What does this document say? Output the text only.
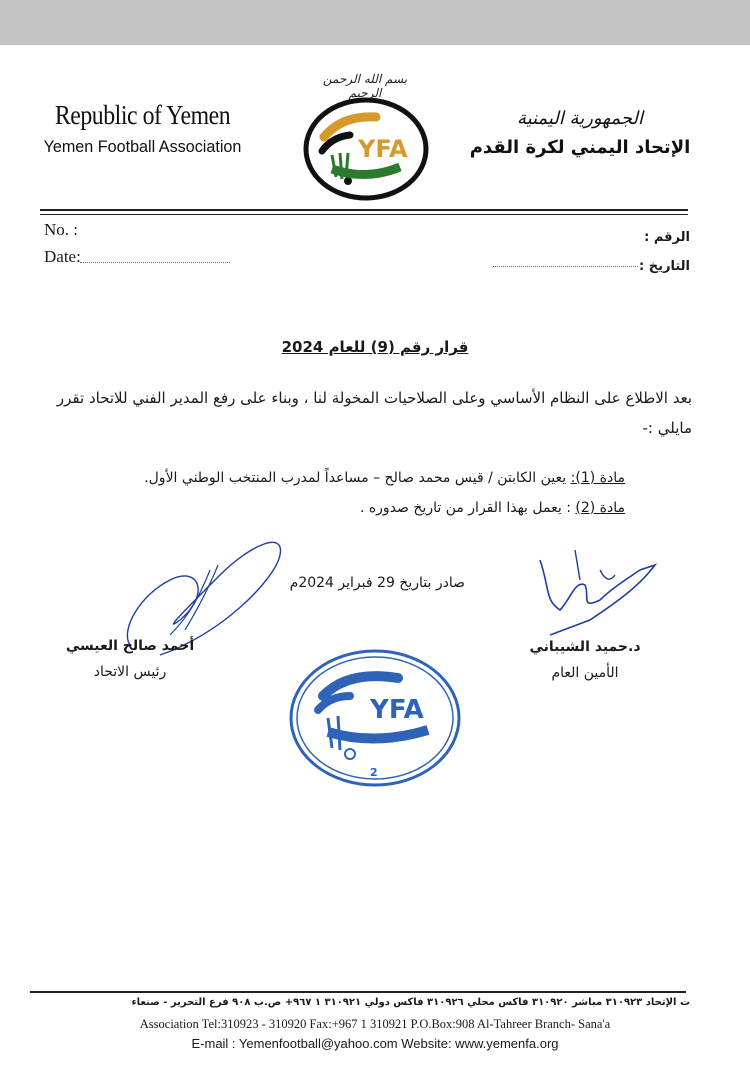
Republic of Yemen
Yemen Football Association
بسم الله الرحمن الرحيم
YFA
الجمهورية اليمنية
الإتحاد اليمني لكرة القدم
No. :
Date:
الرقم :
التاريخ :
قرار رقم (9) للعام 2024
بعد الاطلاع على النظام الأساسي وعلى الصلاحيات المخولة لنا ، وبناء على رفع المدير الفني للاتحاد تقرر مايلي :-
مادة (1): يعين الكابتن / قيس محمد صالح – مساعداً لمدرب المنتخب الوطني الأول.
مادة (2) : يعمل بهذا القرار من تاريخ صدوره .
صادر بتاريخ 29 فبراير 2024م
أحمد صالح العيسي
رئيس الاتحاد
د.حميد الشيباني
الأمين العام
YFA
2
ت الإتحاد ٣١٠٩٢٣ مباشر ٣١٠٩٢٠ فاكس محلي ٣١٠٩٢٦ فاكس دولي ٣١٠٩٢١ ١ ٩٦٧+ ص.ب ٩٠٨ فرع التحرير - صنعاء
Association Tel:310923 - 310920 Fax:+967 1 310921 P.O.Box:908 Al-Tahreer Branch- Sana'a
E-mail : Yemenfootball@yahoo.com Website: www.yemenfa.org
